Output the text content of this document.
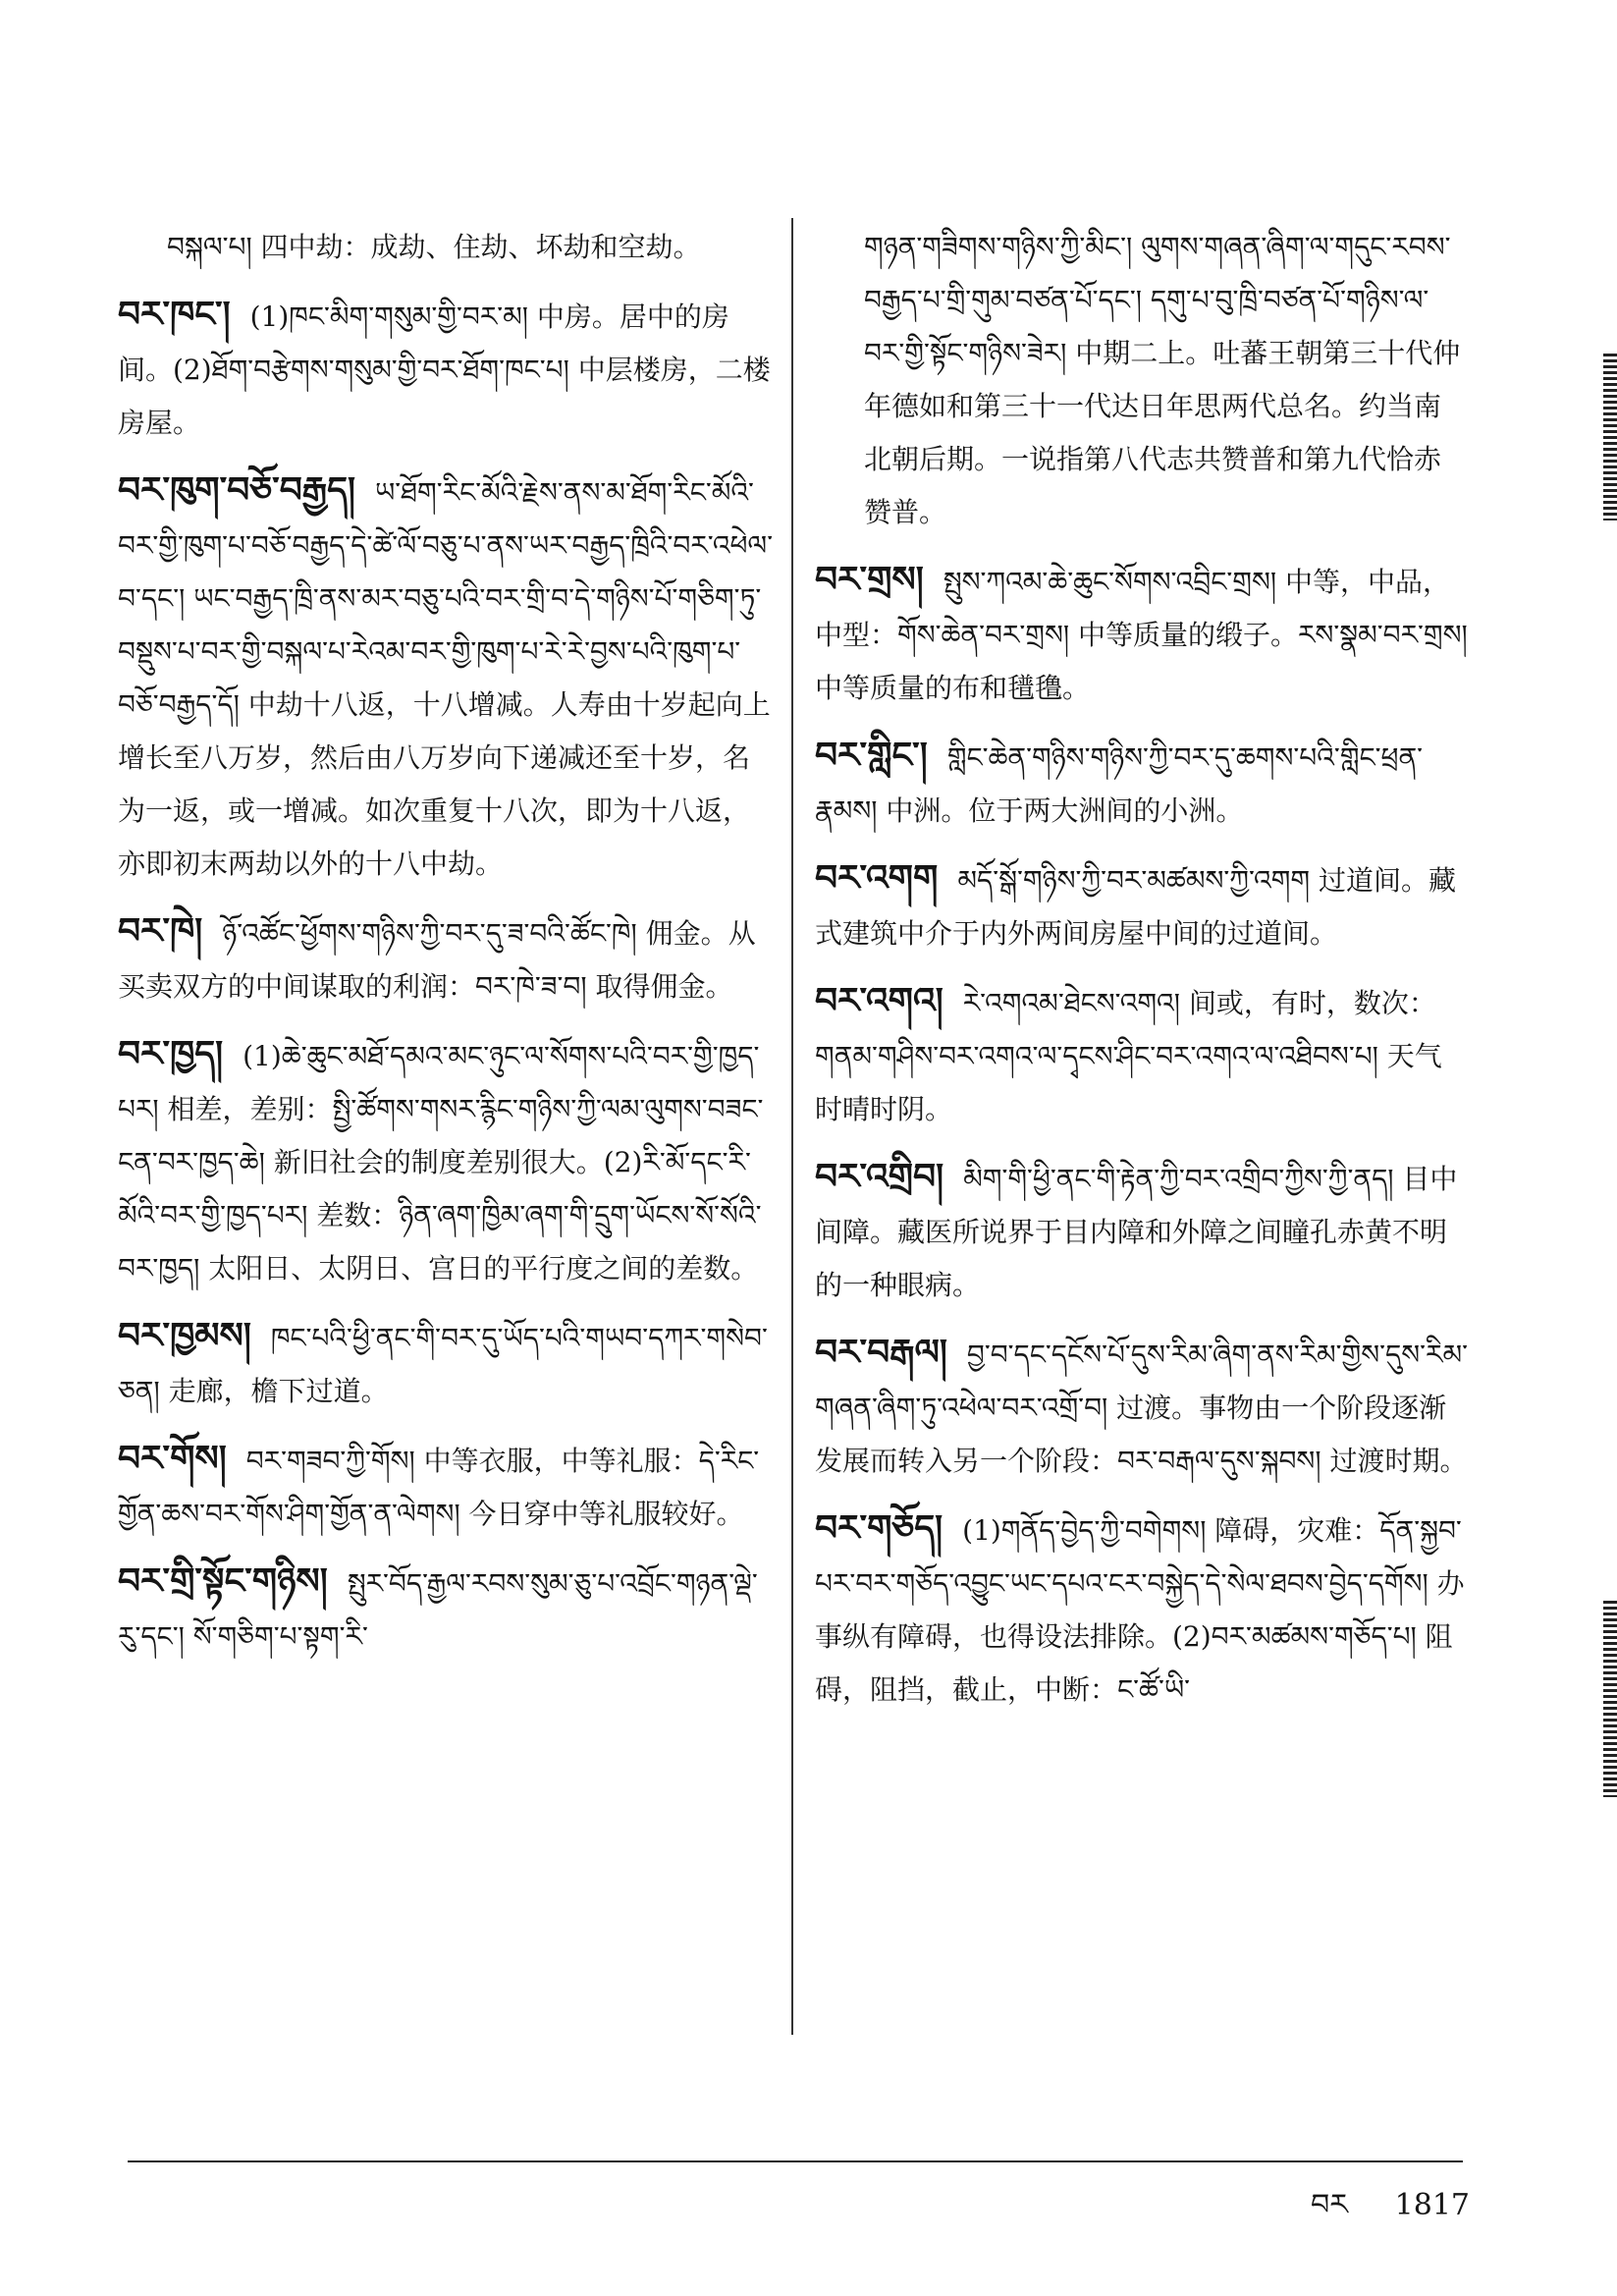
བསྐལ་པ། 四中劫：成劫、住劫、坏劫和空劫。

བར་ཁང་། (1)ཁང་མིག་གསུམ་གྱི་བར་མ། 中房。居中的房间。(2)ཐོག་བརྩེགས་གསུམ་གྱི་བར་ཐོག་ཁང་པ། 中层楼房，二楼房屋。

བར་ཁུག་བཅོ་བརྒྱད། ཡ་ཐོག་རིང་མོའི་རྗེས་ནས་མ་ཐོག་རིང་མོའི་བར་གྱི་ཁུག་པ་བཅོ་བརྒྱད་དེ་ཚེ་ལོ་བཅུ་པ་ནས་ཡར་བརྒྱད་ཁྲིའི་བར་འཕེལ་བ་དང་། ཡང་བརྒྱད་ཁྲི་ནས་མར་བཅུ་པའི་བར་གྲི་བ་དེ་གཉིས་པོ་གཅིག་ཏུ་བསྡུས་པ་བར་གྱི་བསྐལ་པ་རེའམ་བར་གྱི་ཁུག་པ་རེ་རེ་བྱས་པའི་ཁུག་པ་བཅོ་བརྒྱད་དོ། 中劫十八返，十八增减。人寿由十岁起向上增长至八万岁，然后由八万岁向下递减还至十岁，名为一返，或一增减。如次重复十八次，即为十八返，亦即初末两劫以外的十八中劫。

བར་ཁེ། ཉོ་འཚོང་ཕྱོགས་གཉིས་ཀྱི་བར་དུ་ཟ་བའི་ཚོང་ཁེ། 佣金。从买卖双方的中间谋取的利润：བར་ཁེ་ཟ་བ། 取得佣金。

བར་ཁྱད། (1)ཆེ་ཆུང་མཐོ་དམའ་མང་ཉུང་ལ་སོགས་པའི་བར་གྱི་ཁྱད་པར། 相差，差别：སྤྱི་ཚོགས་གསར་རྙིང་གཉིས་ཀྱི་ལམ་ལུགས་བཟང་ངན་བར་ཁྱད་ཆེ། 新旧社会的制度差别很大。(2)རི་མོ་དང་རི་མོའི་བར་གྱི་ཁྱད་པར། 差数：ཉིན་ཞག་ཁྱིམ་ཞག་གི་དྲུག་ཡོངས་སོ་སོའི་བར་ཁྱད། 太阳日、太阴日、宫日的平行度之间的差数。

བར་ཁྱམས། ཁང་པའི་ཕྱི་ནང་གི་བར་དུ་ཡོད་པའི་གཡབ་དཀར་གསེབ་ཅན། 走廊，檐下过道。

བར་གོས། བར་གཟབ་ཀྱི་གོས། 中等衣服，中等礼服：དེ་རིང་གྱོན་ཆས་བར་གོས་ཤིག་གྱོན་ན་ལེགས། 今日穿中等礼服较好。

བར་གྲི་སྟོང་གཉིས། སྤུར་བོད་རྒྱལ་རབས་སུམ་ཅུ་པ་འབྲོང་གཉན་ལྡེ་རུ་དང་། སོ་གཅིག་པ་སྟག་རི་

གཉན་གཟིགས་གཉིས་ཀྱི་མིང་། ལུགས་གཞན་ཞིག་ལ་གདུང་རབས་བརྒྱད་པ་གྲི་གུམ་བཙན་པོ་དང་། དགུ་པ་བུ་ཁྲི་བཙན་པོ་གཉིས་ལ་བར་གྱི་སྟོང་གཉིས་ཟེར། 中期二上。吐蕃王朝第三十代仲年德如和第三十一代达日年思两代总名。约当南北朝后期。一说指第八代志共赞普和第九代恰赤赞普。

བར་གྲས། སྤུས་ཀའམ་ཆེ་ཆུང་སོགས་འབྲིང་གྲས། 中等，中品，中型：གོས་ཆེན་བར་གྲས། 中等质量的缎子。རས་སྣམ་བར་གྲས། 中等质量的布和氆氇。

བར་གླིང་། གླིང་ཆེན་གཉིས་གཉིས་ཀྱི་བར་དུ་ཆགས་པའི་གླིང་ཕྲན་རྣམས། 中洲。位于两大洲间的小洲。

བར་འགག མདོ་སྒོ་གཉིས་ཀྱི་བར་མཚམས་ཀྱི་འགག 过道间。藏式建筑中介于内外两间房屋中间的过道间。

བར་འགའ། རེ་འགའམ་ཐེངས་འགའ། 间或，有时，数次：གནམ་གཤིས་བར་འགའ་ལ་དྭངས་ཤིང་བར་འགའ་ལ་འཐིབས་པ། 天气时晴时阴。

བར་འགྲིབ། མིག་གི་ཕྱི་ནང་གི་རྟེན་ཀྱི་བར་འགྲིབ་ཀྱིས་ཀྱི་ནད། 目中间障。藏医所说界于目内障和外障之间瞳孔赤黄不明的一种眼病。

བར་བརྒལ། བྱ་བ་དང་དངོས་པོ་དུས་རིམ་ཞིག་ནས་རིམ་གྱིས་དུས་རིམ་གཞན་ཞིག་ཏུ་འཕེལ་བར་འགྲོ་བ། 过渡。事物由一个阶段逐渐发展而转入另一个阶段：བར་བརྒལ་དུས་སྐབས། 过渡时期。

བར་གཅོད། (1)གནོད་བྱེད་ཀྱི་བགེགས། 障碍，灾难：དོན་སྐྱབ་པར་བར་གཅོད་འབྱུང་ཡང་དཔའ་ངར་བསྐྱེད་དེ་སེལ་ཐབས་བྱེད་དགོས། 办事纵有障碍，也得设法排除。(2)བར་མཚམས་གཅོད་པ། 阻碍，阻挡，截止，中断：ང་ཚོ་ཡི་

བར 1817
